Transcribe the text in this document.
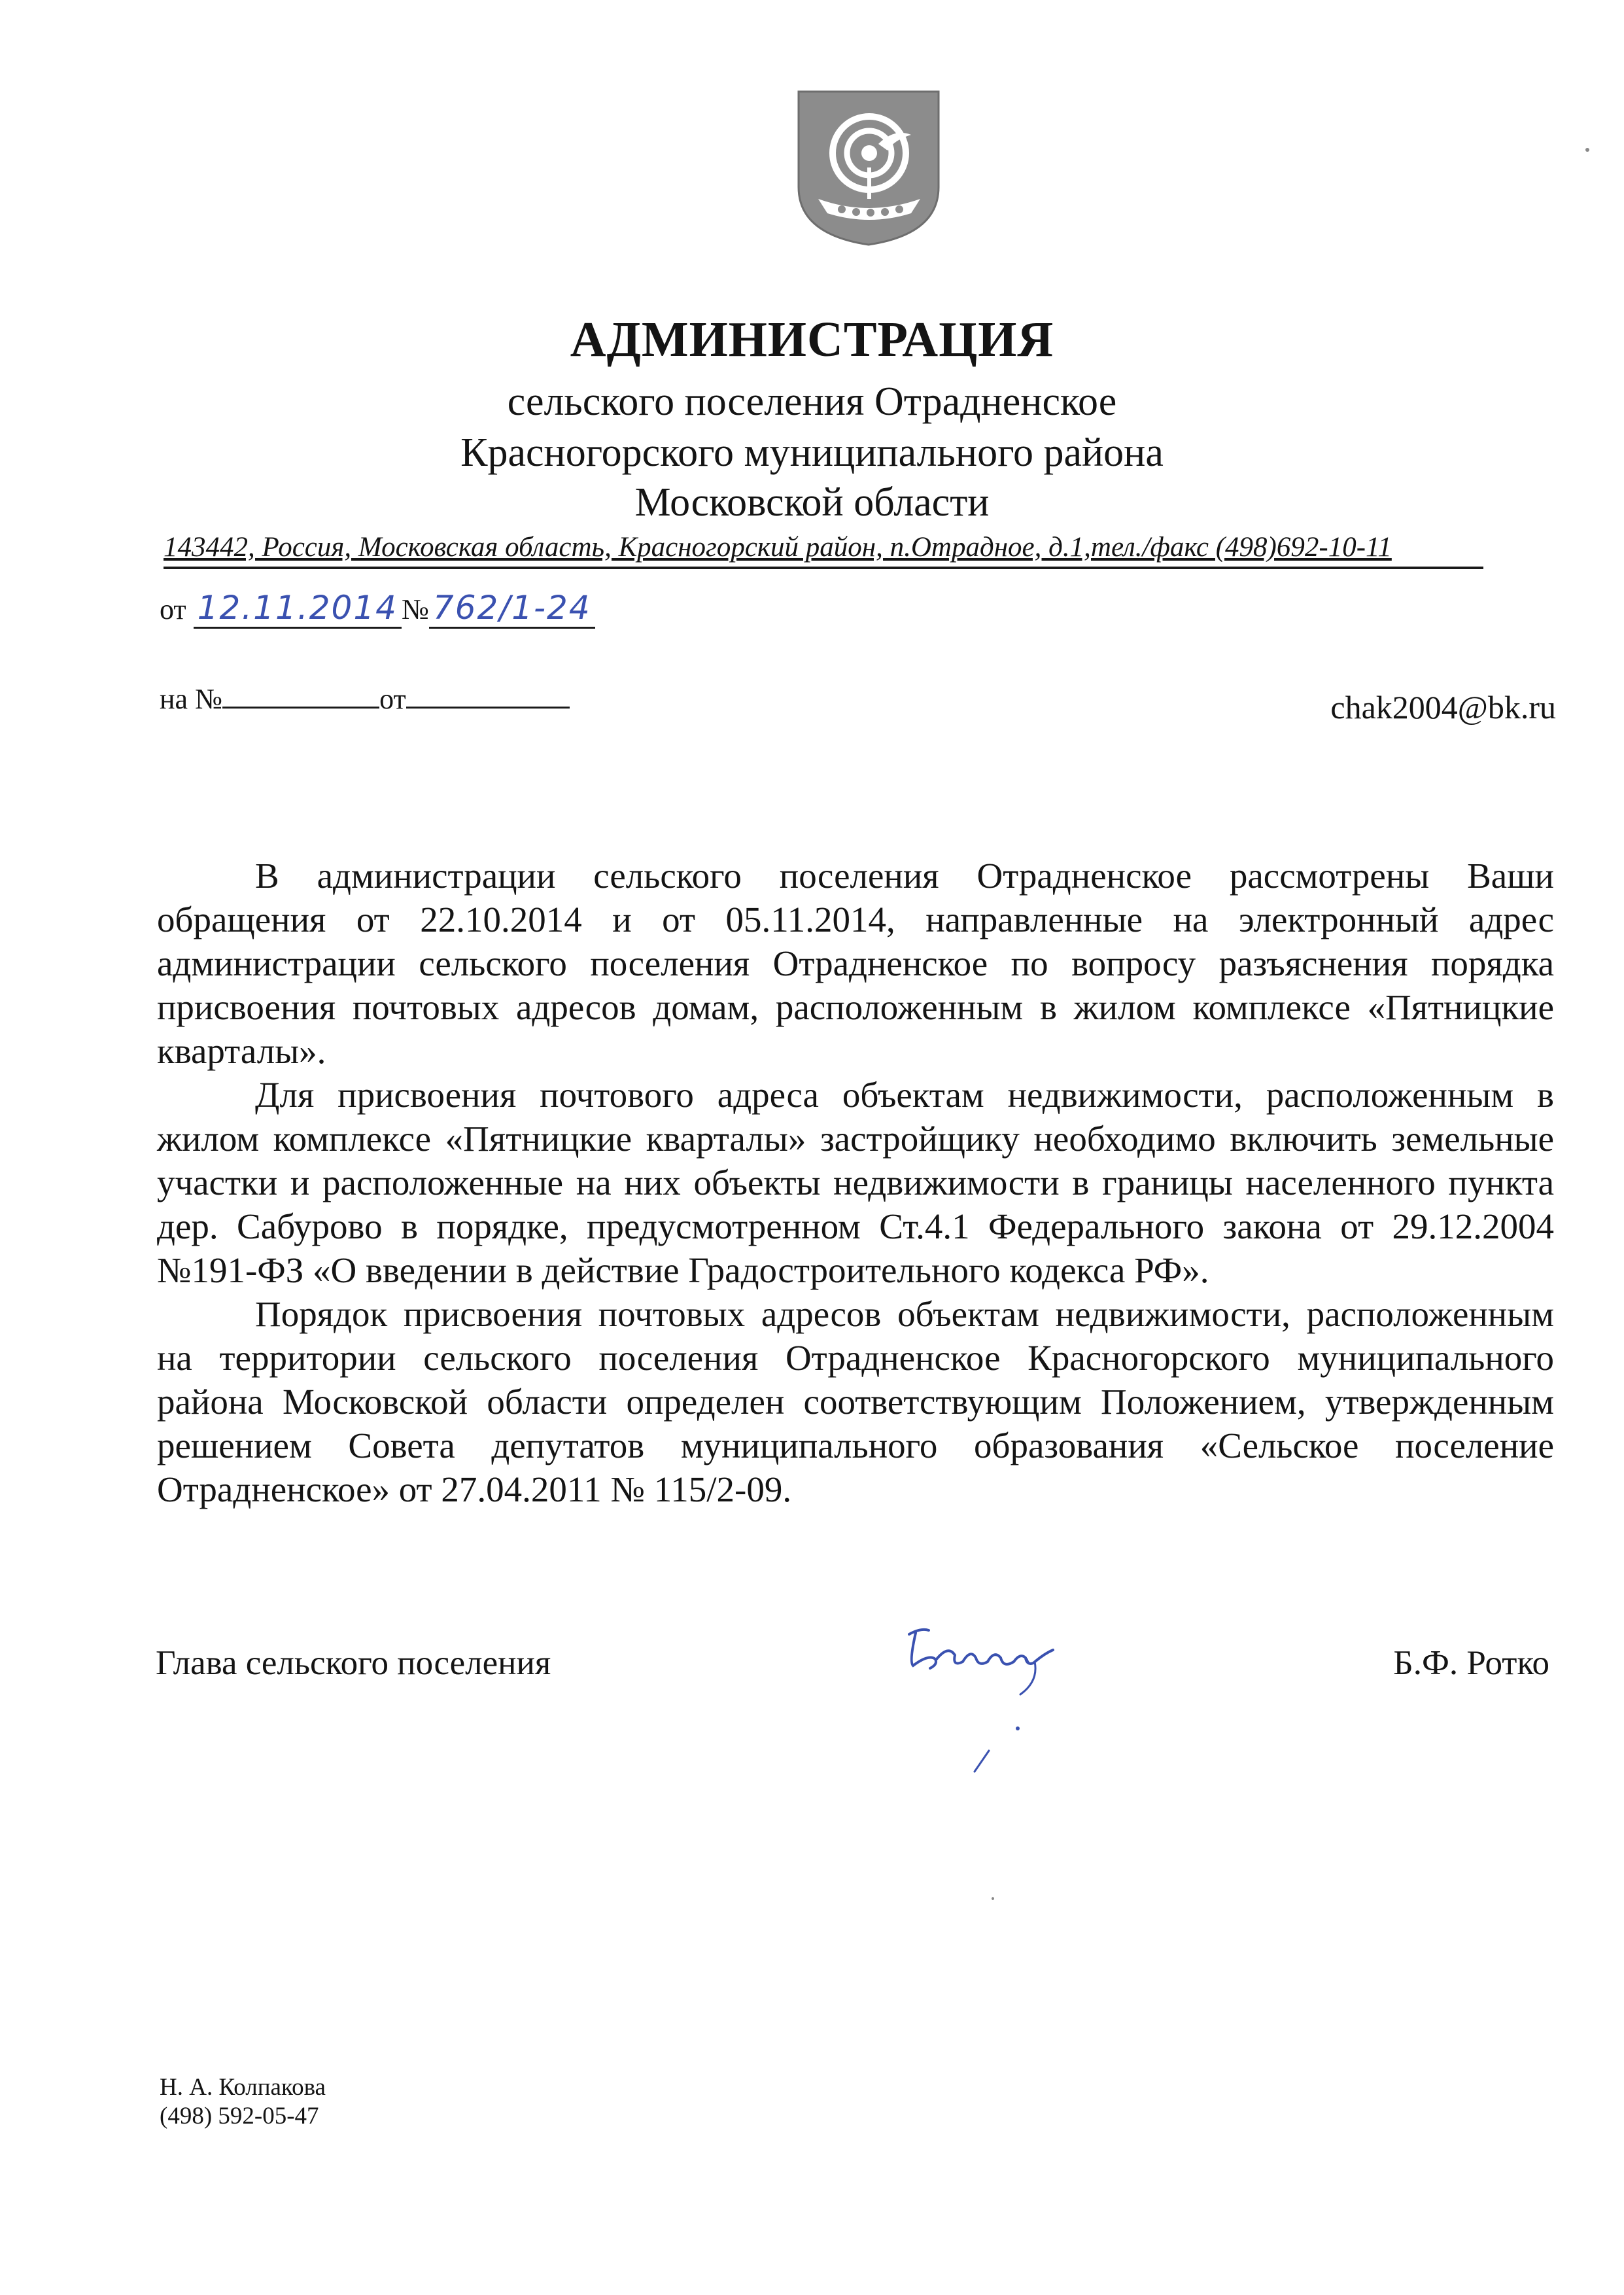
АДМИНИСТРАЦИЯ
сельского поселения Отрадненское
Красногорского муниципального района
Московской области
143442, Россия, Московская область, Красногорский район, п.Отрадное, д.1,тел./факс (498)692-10-11
от 12.11.2014 № 762/1-24
на №	от	chak2004@bk.ru

В администрации сельского поселения Отрадненское рассмотрены Ваши обращения от 22.10.2014 и от 05.11.2014, направленные на электронный адрес администрации сельского поселения Отрадненское по вопросу разъяснения порядка присвоения почтовых адресов домам, расположенным в жилом комплексе «Пятницкие кварталы».

Для присвоения почтового адреса объектам недвижимости, расположенным в жилом комплексе «Пятницкие кварталы» застройщику необходимо включить земельные участки и расположенные на них объекты недвижимости в границы населенного пункта дер. Сабурово в порядке, предусмотренном Ст.4.1 Федерального закона от 29.12.2004 №191-ФЗ «О введении в действие Градостроительного кодекса РФ».

Порядок присвоения почтовых адресов объектам недвижимости, расположенным на территории сельского поселения Отрадненское Красногорского муниципального района Московской области определен соответствующим Положением, утвержденным решением Совета депутатов муниципального образования «Сельское поселение Отрадненское» от 27.04.2011 № 115/2-09.

Глава сельского поселения	Б.Ф. Ротко
Н. А. Колпакова
(498) 592-05-47
